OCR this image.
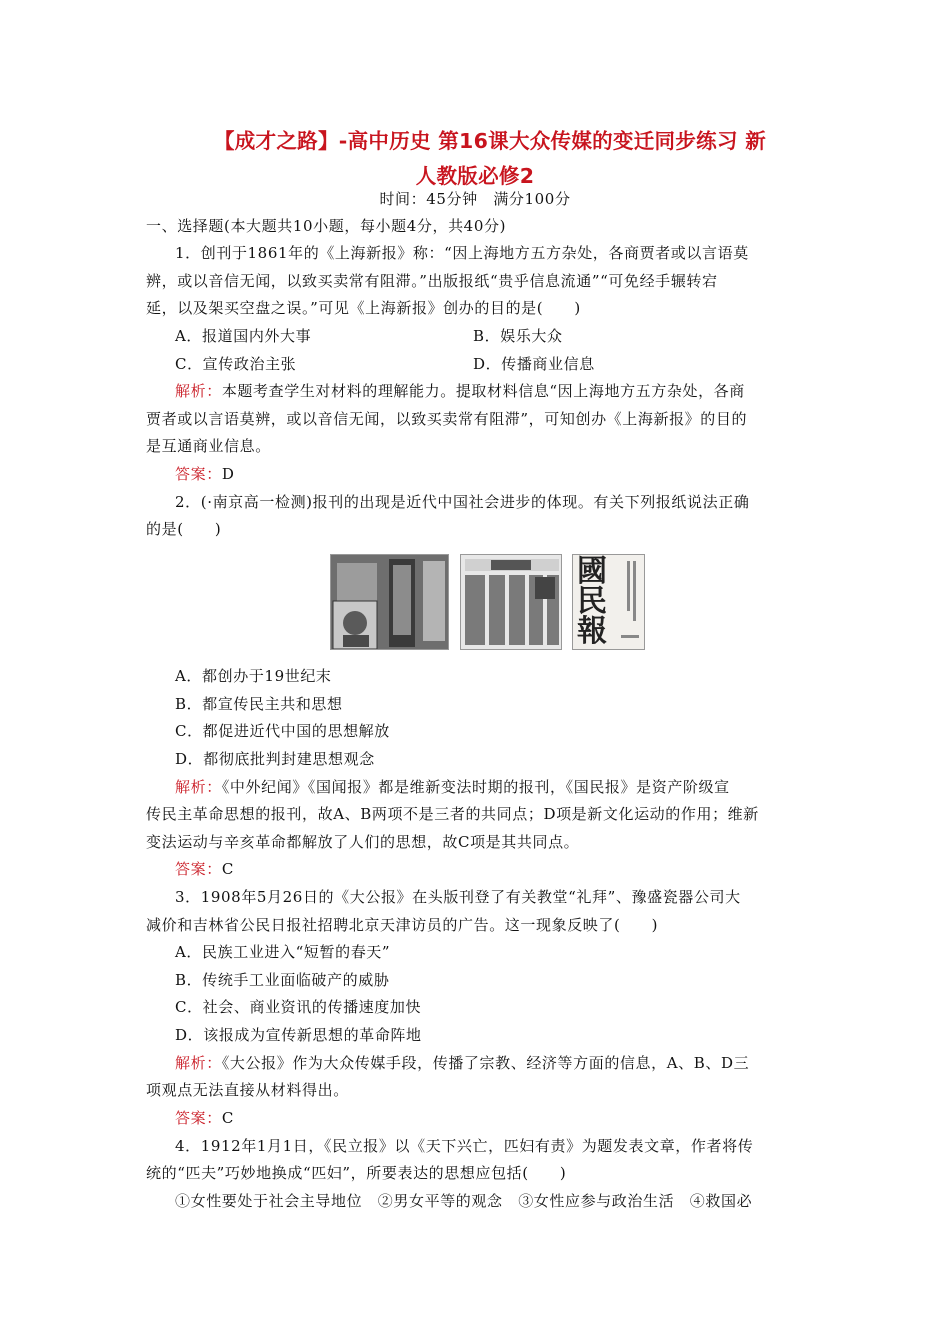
【成才之路】-高中历史 第16课大众传媒的变迁同步练习 新
人教版必修2
时间：45分钟　满分100分
一、选择题(本大题共10小题，每小题4分，共40分)
1．创刊于1861年的《上海新报》称：“因上海地方五方杂处，各商贾者或以言语莫
辨，或以音信无闻，以致买卖常有阻滞。”出版报纸“贵乎信息流通”“可免经手辗转宕
延，以及架买空盘之误。”可见《上海新报》创办的目的是(　　)
A．报道国内外大事	B．娱乐大众
C．宣传政治主张	D．传播商业信息
解析：本题考查学生对材料的理解能力。提取材料信息“因上海地方五方杂处，各商
贾者或以言语莫辨，或以音信无闻，以致买卖常有阻滞”，可知创办《上海新报》的目的
是互通商业信息。
答案：D
2．(·南京高一检测)报刊的出现是近代中国社会进步的体现。有关下列报纸说法正确
的是(　　)
國民報
A．都创办于19世纪末
B．都宣传民主共和思想
C．都促进近代中国的思想解放
D．都彻底批判封建思想观念
解析：《中外纪闻》《国闻报》都是维新变法时期的报刊，《国民报》是资产阶级宣
传民主革命思想的报刊，故A、B两项不是三者的共同点；D项是新文化运动的作用；维新
变法运动与辛亥革命都解放了人们的思想，故C项是其共同点。
答案：C
3．1908年5月26日的《大公报》在头版刊登了有关教堂“礼拜”、豫盛瓷器公司大
减价和吉林省公民日报社招聘北京天津访员的广告。这一现象反映了(　　)
A．民族工业进入“短暂的春天”
B．传统手工业面临破产的威胁
C．社会、商业资讯的传播速度加快
D．该报成为宣传新思想的革命阵地
解析：《大公报》作为大众传媒手段，传播了宗教、经济等方面的信息，A、B、D三
项观点无法直接从材料得出。
答案：C
4．1912年1月1日，《民立报》以《天下兴亡，匹妇有责》为题发表文章，作者将传
统的“匹夫”巧妙地换成“匹妇”，所要表达的思想应包括(　　)
①女性要处于社会主导地位　②男女平等的观念　③女性应参与政治生活　④救国必
